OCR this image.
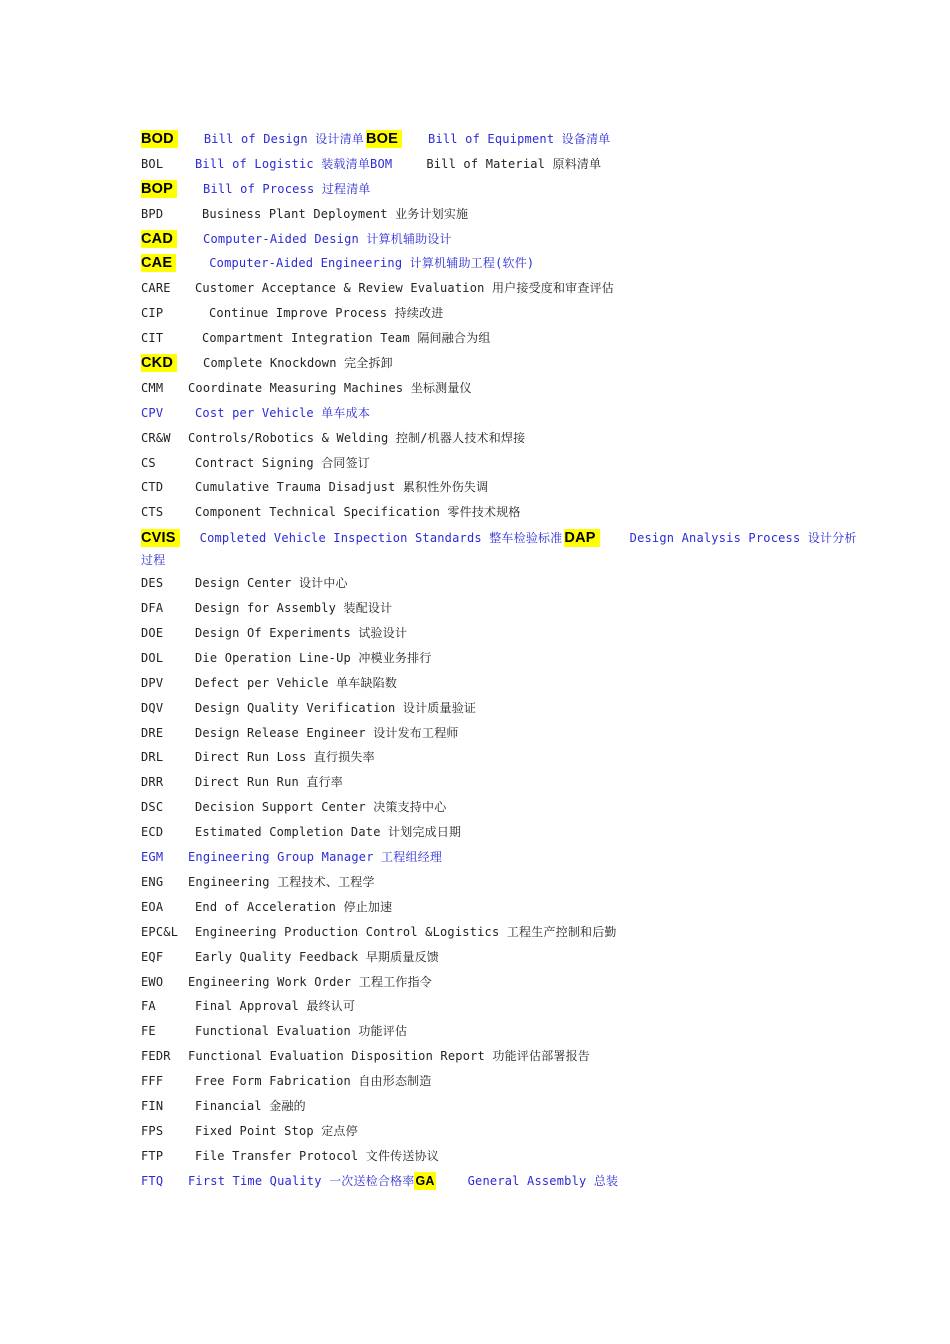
BOD	Bill of Design 设计清单 BOE	Bill of Equipment 设备清单
BOL	Bill of Logistic 装载清单BOM	Bill of Material 原料清单
BOP	Bill of Process 过程清单
BPD	Business Plant Deployment 业务计划实施
CAD	Computer-Aided Design 计算机辅助设计
CAE	Computer-Aided Engineering 计算机辅助工程(软件)
CARE Customer Acceptance & Review Evaluation 用户接受度和审查评估
CIP	Continue Improve Process 持续改进
CIT	Compartment Integration Team 隔间融合为组
CKD	Complete Knockdown 完全拆卸
CMM Coordinate Measuring Machines 坐标测量仪
CPV	Cost per Vehicle 单车成本
CR&W Controls/Robotics & Welding 控制/机器人技术和焊接
CS	Contract Signing 合同签订
CTD	Cumulative Trauma Disadjust 累积性外伤失调
CTS	Component Technical Specification 零件技术规格
CVIS Completed Vehicle Inspection Standards 整车检验标准 DAP	Design Analysis Process 设计分析过程
DES	Design Center 设计中心
DFA	Design for Assembly 装配设计
DOE	Design Of Experiments 试验设计
DOL	Die Operation Line-Up 冲模业务排行
DPV	Defect per Vehicle 单车缺陷数
DQV	Design Quality Verification 设计质量验证
DRE	Design Release Engineer 设计发布工程师
DRL	Direct Run Loss 直行损失率
DRR	Direct Run Run 直行率
DSC	Decision Support Center 决策支持中心
ECD	Estimated Completion Date 计划完成日期
EGM Engineering Group Manager 工程组经理
ENG Engineering 工程技术、工程学
EOA	End of Acceleration 停止加速
EPC&L Engineering Production Control &Logistics 工程生产控制和后勤
EQF	Early Quality Feedback 早期质量反馈
EWO Engineering Work Order 工程工作指令
FA	Final Approval 最终认可
FE	Functional Evaluation 功能评估
FEDR Functional Evaluation Disposition Report 功能评估部署报告
FFF	Free Form Fabrication 自由形态制造
FIN	Financial 金融的
FPS	Fixed Point Stop 定点停
FTP	File Transfer Protocol 文件传送协议
FTQ First Time Quality 一次送检合格率GA	General Assembly 总装
